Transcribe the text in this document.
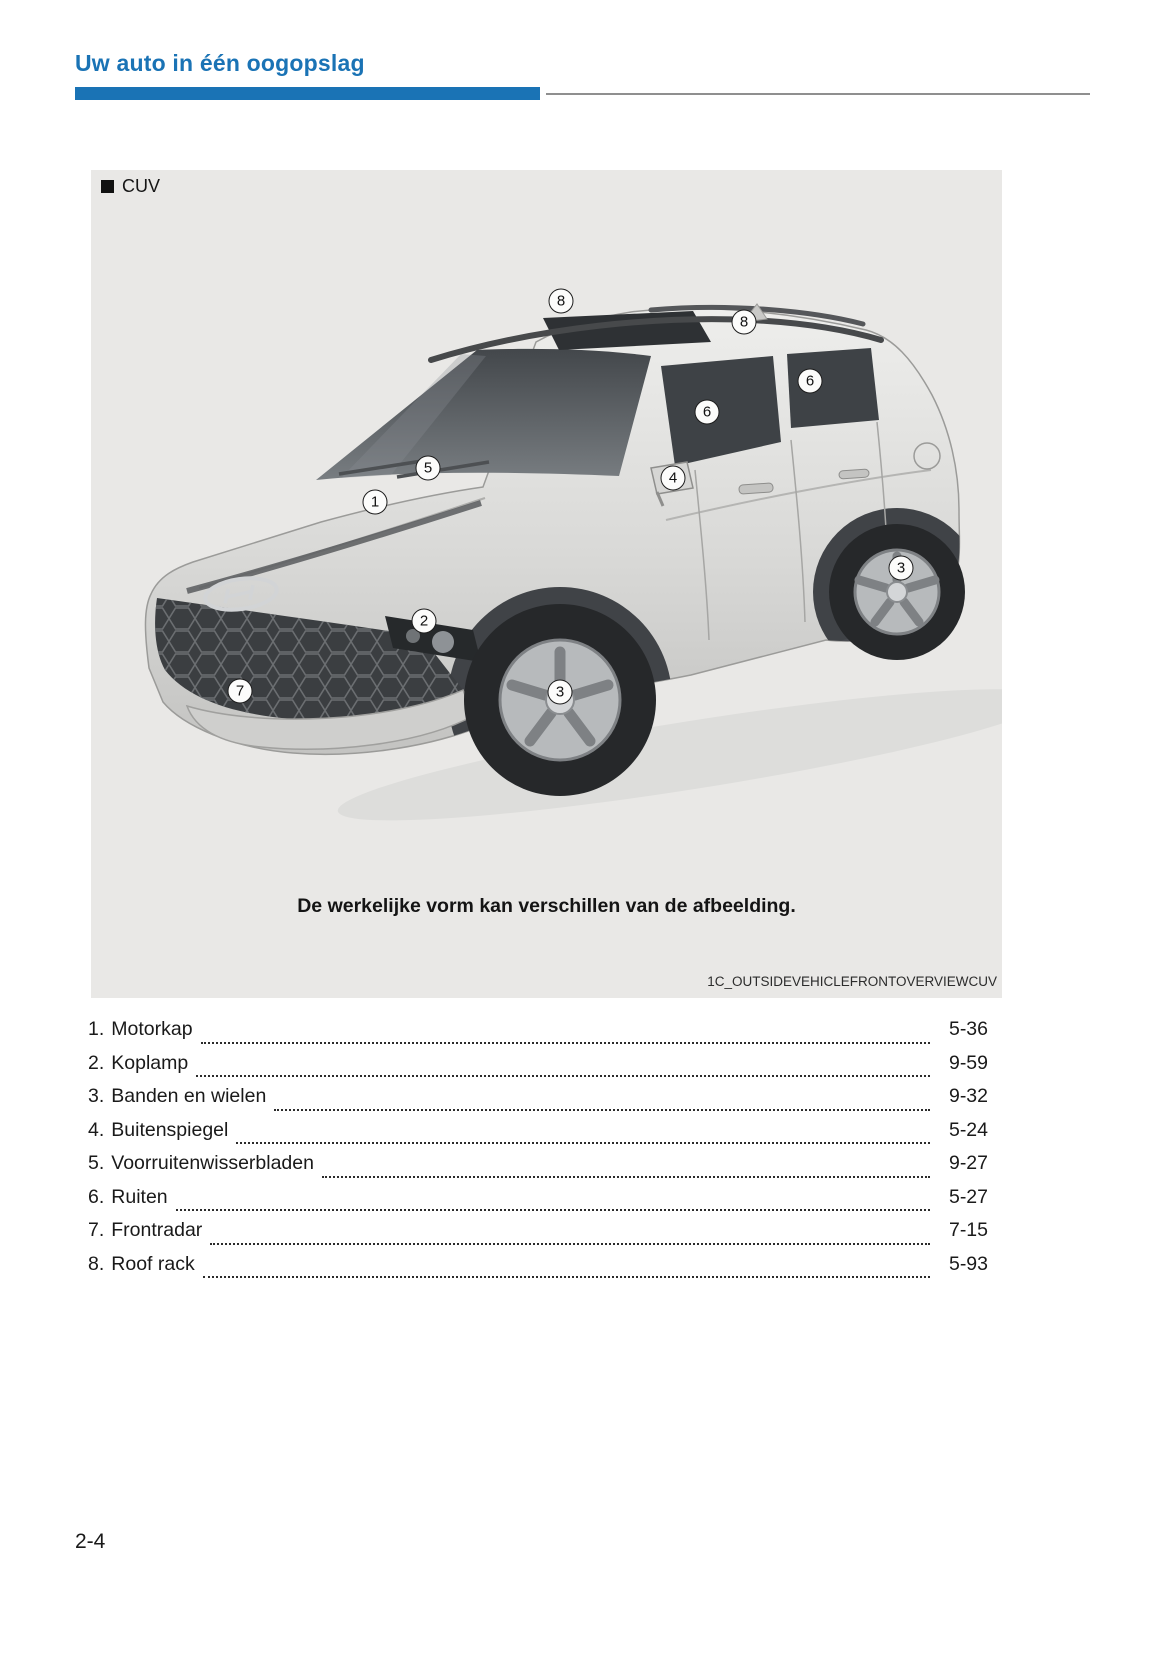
Uw auto in één oogopslag
CUV
8
8
6
6
5
4
1
3
2
3
7
De werkelijke vorm kan verschillen van de afbeelding.
1C_OUTSIDEVEHICLEFRONTOVERVIEWCUV
1. Motorkap	5-36
2. Koplamp	9-59
3. Banden en wielen	9-32
4. Buitenspiegel	5-24
5. Voorruitenwisserbladen	9-27
6. Ruiten	5-27
7. Frontradar	7-15
8. Roof rack	5-93
2-4
